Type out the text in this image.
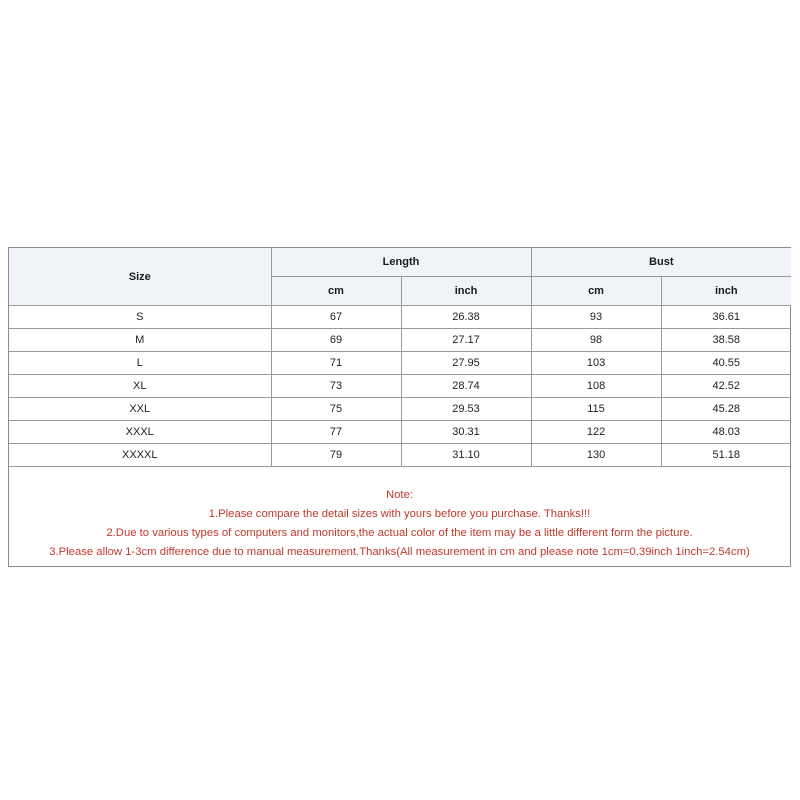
Size	Length		Bust	
	cm	inch	cm	inch
S	67	26.38	93	36.61
M	69	27.17	98	38.58
L	71	27.95	103	40.55
XL	73	28.74	108	42.52
XXL	75	29.53	115	45.28
XXXL	77	30.31	122	48.03
XXXXL	79	31.10	130	51.18
Note:
1.Please compare the detail sizes with yours before you purchase. Thanks!!!
2.Due to various types of computers and monitors,the actual color of the item may be a little different form the picture.
3.Please allow 1-3cm difference due to manual measurement.Thanks(All measurement in cm and please note 1cm=0.39inch 1inch=2.54cm)
